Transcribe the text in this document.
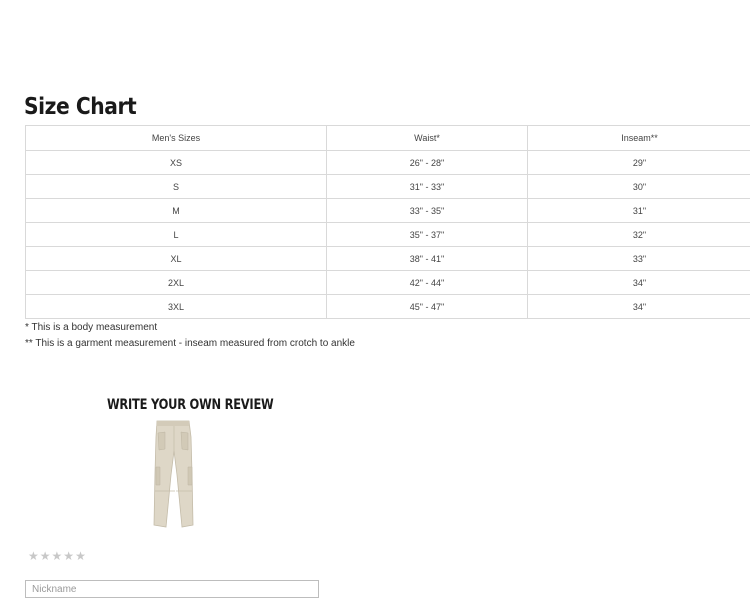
Size Chart
Men's Sizes	Waist*	Inseam**
XS	26" - 28"	29"
S	31" - 33"	30"
M	33" - 35"	31"
L	35" - 37"	32"
XL	38" - 41"	33"
2XL	42" - 44"	34"
3XL	45" - 47"	34"
* This is a body measurement
** This is a garment measurement - inseam measured from crotch to ankle
WRITE YOUR OWN REVIEW
★ ★ ★ ★ ★
Nickname
